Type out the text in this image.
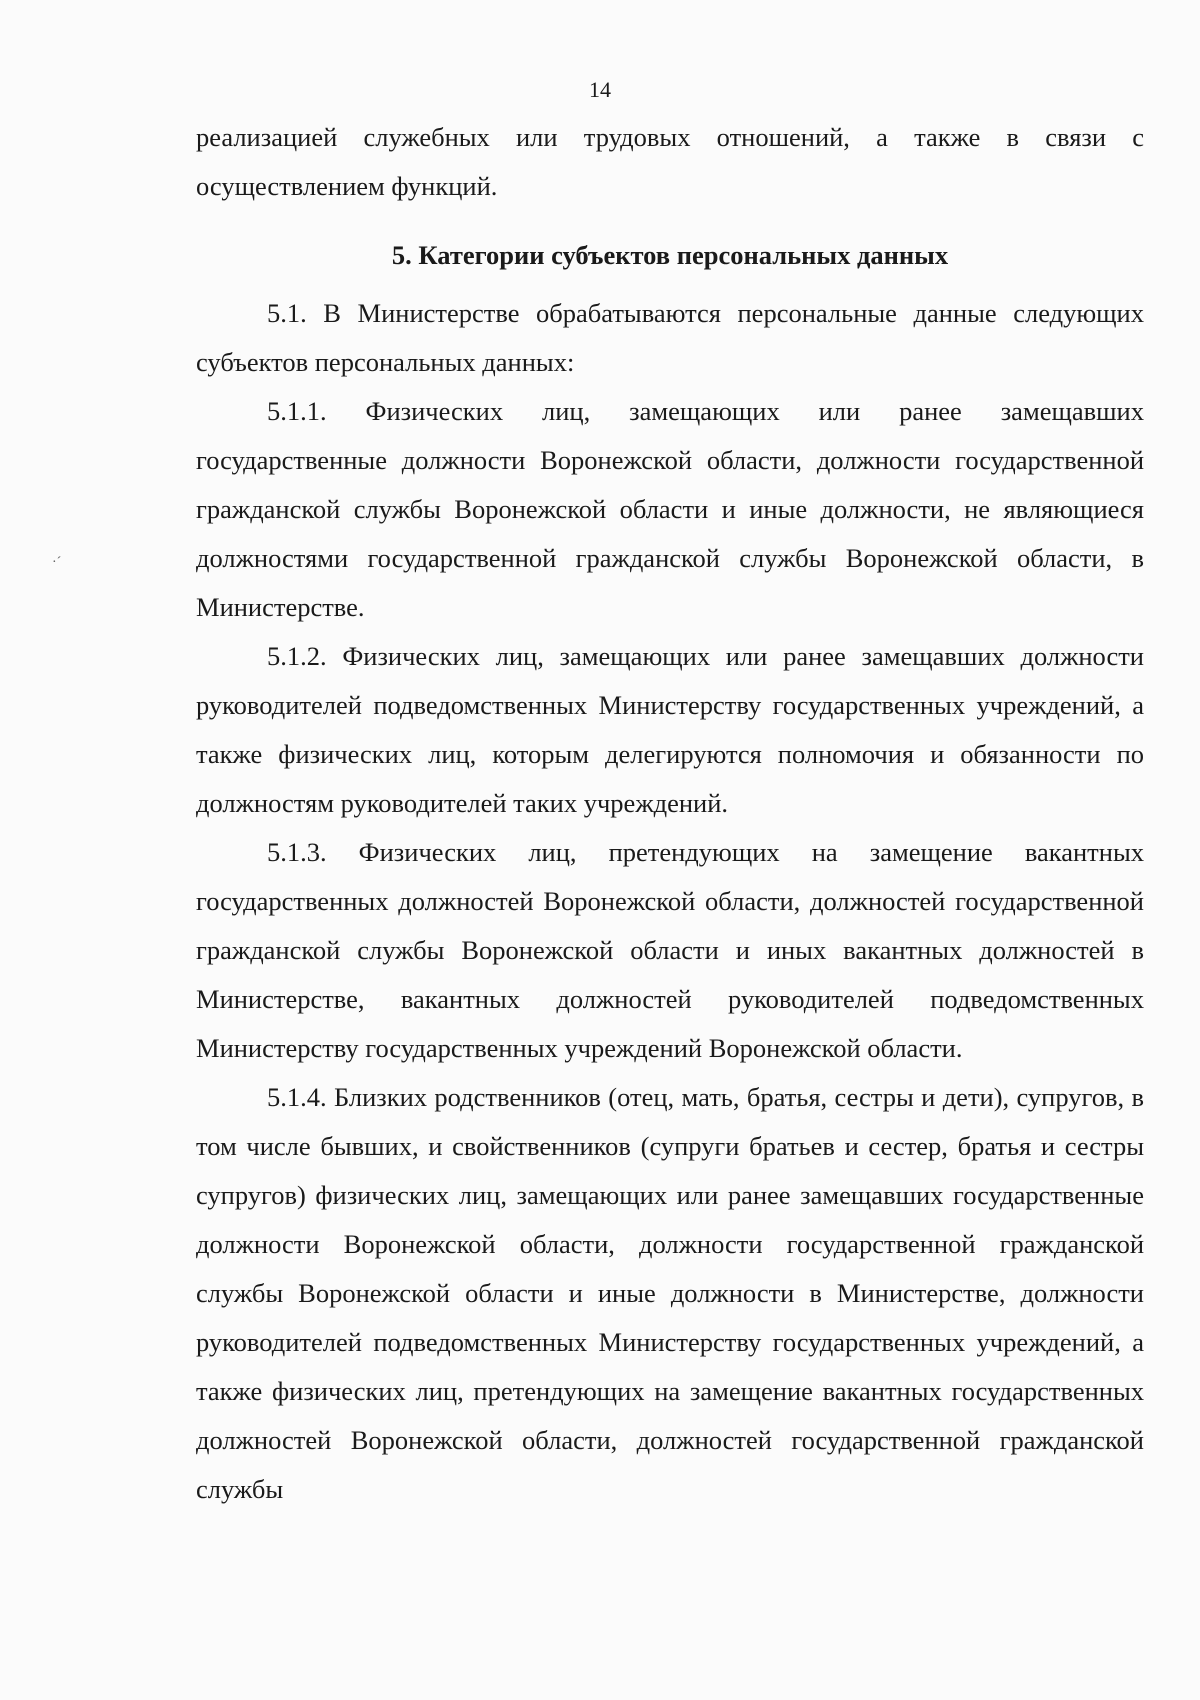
14
·´

реализацией служебных или трудовых отношений, а также в связи с осуществлением функций.

5. Категории субъектов персональных данных

5.1. В Министерстве обрабатываются персональные данные следующих субъектов персональных данных:

5.1.1. Физических лиц, замещающих или ранее замещавших государственные должности Воронежской области, должности государственной гражданской службы Воронежской области и иные должности, не являющиеся должностями государственной гражданской службы Воронежской области, в Министерстве.

5.1.2. Физических лиц, замещающих или ранее замещавших должности руководителей подведомственных Министерству государственных учреждений, а также физических лиц, которым делегируются полномочия и обязанности по должностям руководителей таких учреждений.

5.1.3. Физических лиц, претендующих на замещение вакантных государственных должностей Воронежской области, должностей государственной гражданской службы Воронежской области и иных вакантных должностей в Министерстве, вакантных должностей руководителей подведомственных Министерству государственных учреждений Воронежской области.

5.1.4. Близких родственников (отец, мать, братья, сестры и дети), супругов, в том числе бывших, и свойственников (супруги братьев и сестер, братья и сестры супругов) физических лиц, замещающих или ранее замещавших государственные должности Воронежской области, должности государственной гражданской службы Воронежской области и иные должности в Министерстве, должности руководителей подведомственных Министерству государственных учреждений, а также физических лиц, претендующих на замещение вакантных государственных должностей Воронежской области, должностей государственной гражданской службы
